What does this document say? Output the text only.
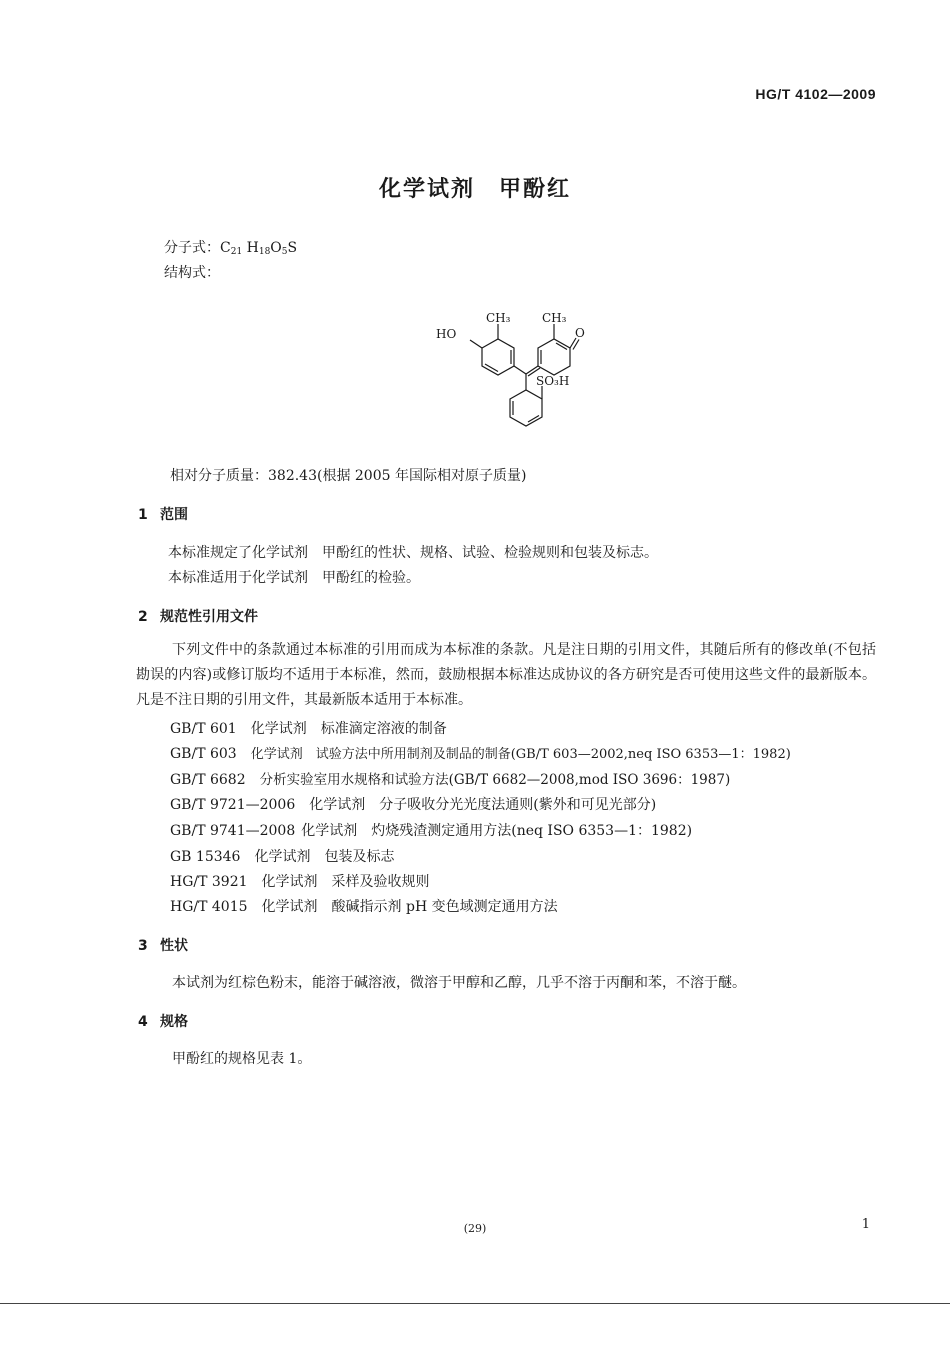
HG/T 4102—2009
化学试剂　甲酚红
分子式：$C_{21}$ $H_{18}O_5S$
结构式：
HO
CH₃	CH₃
O
SO₃H
相对分子质量：382.43(根据 2005 年国际相对原子质量)
1 范围
本标准规定了化学试剂　甲酚红的性状、规格、试验、检验规则和包装及标志。
本标准适用于化学试剂　甲酚红的检验。
2 规范性引用文件
下列文件中的条款通过本标准的引用而成为本标准的条款。凡是注日期的引用文件，其随后所有的修改单(不包括勘误的内容)或修订版均不适用于本标准，然而，鼓励根据本标准达成协议的各方研究是否可使用这些文件的最新版本。凡是不注日期的引用文件，其最新版本适用于本标准。
GB/T 601 化学试剂　标准滴定溶液的制备
GB/T 603 化学试剂　试验方法中所用制剂及制品的制备(GB/T 603—2002,neq ISO 6353—1：1982)
GB/T 6682 分析实验室用水规格和试验方法(GB/T 6682—2008,mod ISO 3696：1987)
GB/T 9721—2006 化学试剂　分子吸收分光光度法通则(紫外和可见光部分)
GB/T 9741—2008 化学试剂　灼烧残渣测定通用方法(neq ISO 6353—1：1982)
GB 15346 化学试剂　包装及标志
HG/T 3921 化学试剂　采样及验收规则
HG/T 4015 化学试剂　酸碱指示剂 pH 变色域测定通用方法
3 性状
本试剂为红棕色粉末，能溶于碱溶液，微溶于甲醇和乙醇，几乎不溶于丙酮和苯，不溶于醚。
4 规格
甲酚红的规格见表 1。
(29)	1
